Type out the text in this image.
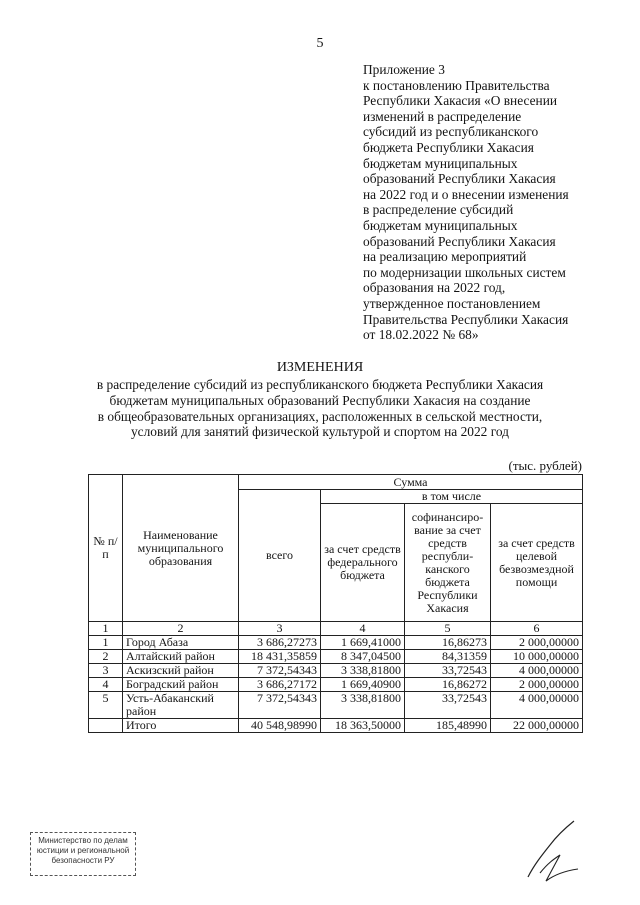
5
Приложение 3
к постановлению Правительства
Республики Хакасия «О внесении
изменений в распределение
субсидий из республиканского
бюджета Республики Хакасия
бюджетам муниципальных
образований Республики Хакасия
на 2022 год и о внесении изменения
в распределение субсидий
бюджетам муниципальных
образований Республики Хакасия
на реализацию мероприятий
по модернизации школьных систем
образования на 2022 год,
утвержденное постановлением
Правительства Республики Хакасия
от 18.02.2022 № 68»
ИЗМЕНЕНИЯ
в распределение субсидий из республиканского бюджета Республики Хакасия
бюджетам муниципальных образований Республики Хакасия на создание
в общеобразовательных организациях, расположенных в сельской местности,
условий для занятий физической культурой и спортом на 2022 год
(тыс. рублей)
№ п/п	Наименование муниципального образования	Сумма			
		всего	в том числе		
			за счет средств федерального бюджета	софинансиро-вание за счет средств республи-канского бюджета Республики Хакасия	за счет средств целевой безвозмездной помощи
1	2	3	4	5	6
1	Город Абаза	3 686,27273	1 669,41000	16,86273	2 000,00000
2	Алтайский район	18 431,35859	8 347,04500	84,31359	10 000,00000
3	Аскизский район	7 372,54343	3 338,81800	33,72543	4 000,00000
4	Боградский район	3 686,27172	1 669,40900	16,86272	2 000,00000
5	Усть-Абаканский район	7 372,54343	3 338,81800	33,72543	4 000,00000
	Итого	40 548,98990	18 363,50000	185,48990	22 000,00000
Министерство по делам
юстиции и региональной
безопасности РУ
